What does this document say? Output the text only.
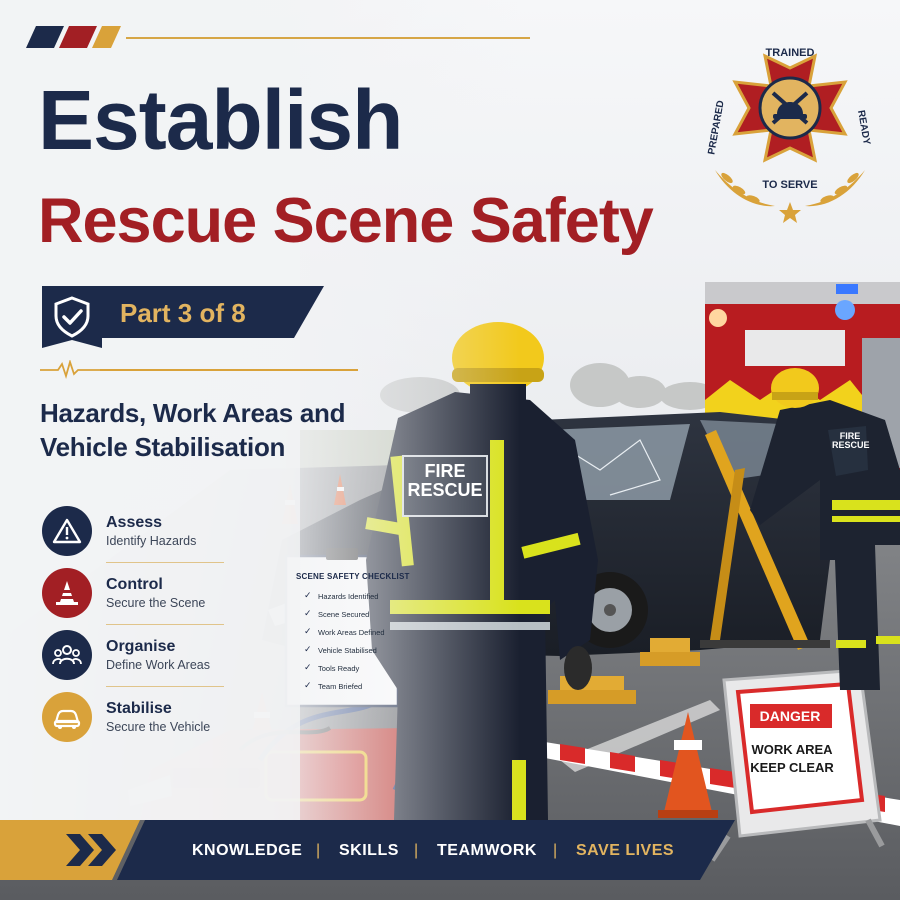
Establish
Rescue Scene Safety
Part 3 of 8
Hazards, Work Areas and
Vehicle Stabilisation
Assess
Identify Hazards
Control
Secure the Scene
Organise
Define Work Areas
Stabilise
Secure the Vehicle
TRAINED
PREPARED	READY
TO SERVE
SCENE SAFETY CHECKLIST
✓ Hazards Identified
✓ Scene Secured
✓ Work Areas Defined
✓ Vehicle Stabilised
✓ Tools Ready
✓ Team Briefed
FIRE
RESCUE
FIRE
RESCUE
DANGER
WORK AREA
KEEP CLEAR
KNOWLEDGE | SKILLS | TEAMWORK | SAVE LIVES
